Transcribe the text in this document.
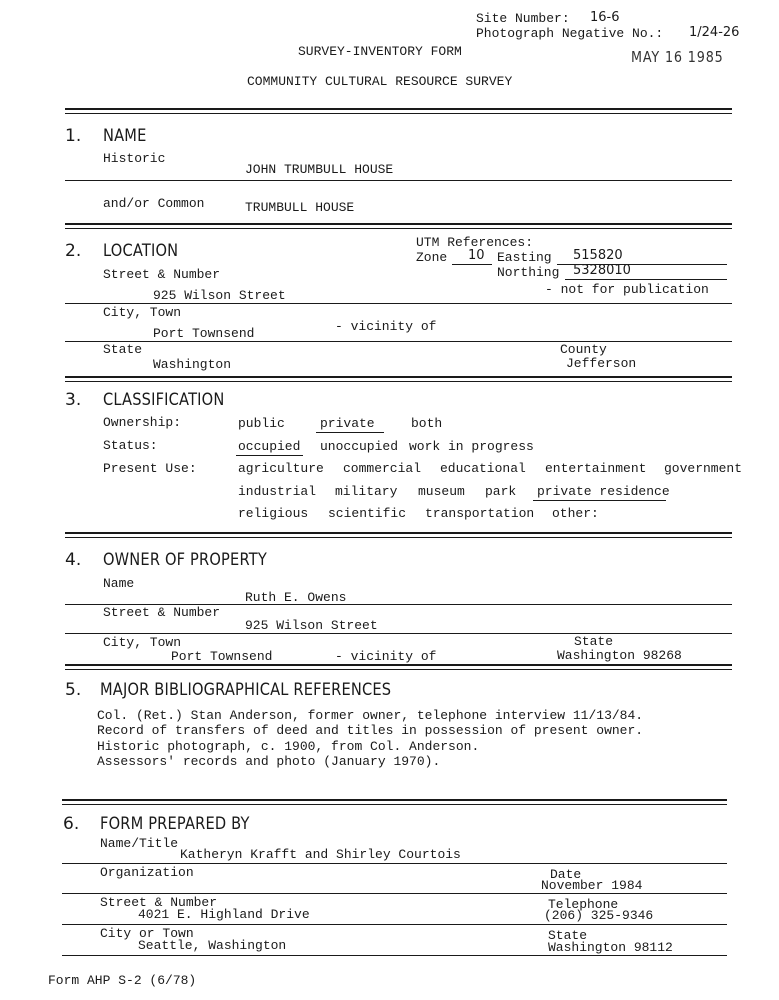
Site Number: 16-6
Photograph Negative No.: 1/24-26
SURVEY-INVENTORY FORM	MAY 16 1985
COMMUNITY CULTURAL RESOURCE SURVEY
1. NAME
Historic
JOHN TRUMBULL HOUSE
and/or Common	TRUMBULL HOUSE
2. LOCATION	UTM References:
Zone 10 Easting 515820
Northing 5328010
- not for publication
Street & Number
925 Wilson Street
City, Town
Port Townsend	- vicinity of
State
Washington
County
Jefferson
3. CLASSIFICATION
Ownership:	public	private	both
Status:	occupied unoccupied work in progress
Present Use:	agriculture commercial educational entertainment government
industrial military museum park private residence
religious scientific transportation other:
4. OWNER OF PROPERTY
Name
Ruth E. Owens
Street & Number
925 Wilson Street
City, Town
Port Townsend	- vicinity of
State
Washington 98268
5. MAJOR BIBLIOGRAPHICAL REFERENCES
Col. (Ret.) Stan Anderson, former owner, telephone interview 11/13/84.
Record of transfers of deed and titles in possession of present owner.
Historic photograph, c. 1900, from Col. Anderson.
Assessors' records and photo (January 1970).
6. FORM PREPARED BY
Name/Title
Katheryn Krafft and Shirley Courtois
Organization	Date
November 1984
Street & Number
4021 E. Highland Drive
Telephone
(206) 325-9346
City or Town
Seattle, Washington
State
Washington 98112
Form AHP S-2 (6/78)
